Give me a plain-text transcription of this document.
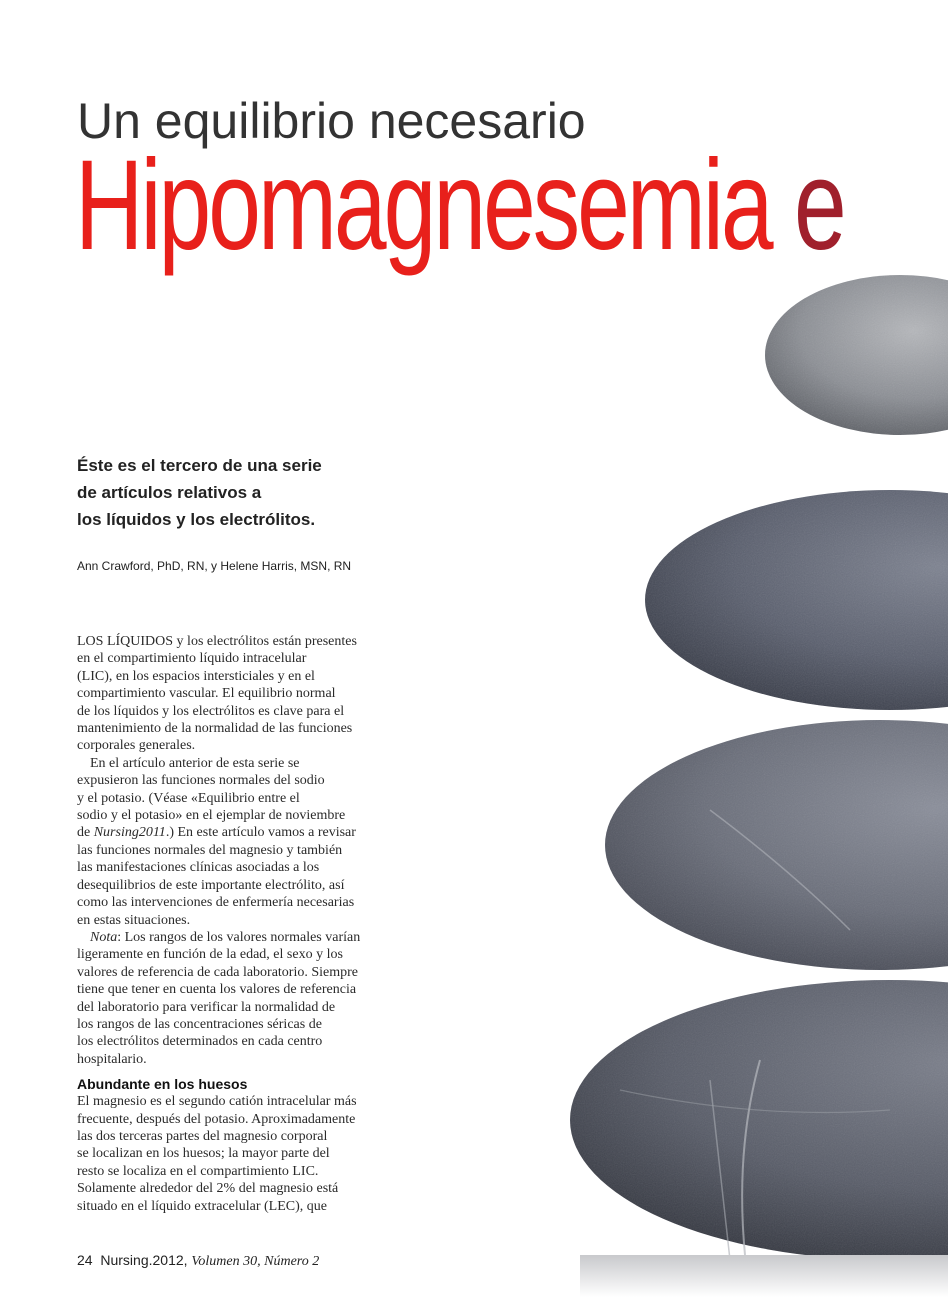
Un equilibrio necesario
Hipomagnesemia e
Éste es el tercero de una serie
de artículos relativos a
los líquidos y los electrólitos.
Ann Crawford, PhD, RN, y Helene Harris, MSN, RN

LOS LÍQUIDOS y los electrólitos están presentes
en el compartimiento líquido intracelular
(LIC), en los espacios intersticiales y en el
compartimiento vascular. El equilibrio normal
de los líquidos y los electrólitos es clave para el
mantenimiento de la normalidad de las funciones
corporales generales.

En el artículo anterior de esta serie se
expusieron las funciones normales del sodio
y el potasio. (Véase «Equilibrio entre el
sodio y el potasio» en el ejemplar de noviembre
de Nursing2011.) En este artículo vamos a revisar
las funciones normales del magnesio y también
las manifestaciones clínicas asociadas a los
desequilibrios de este importante electrólito, así
como las intervenciones de enfermería necesarias
en estas situaciones.

Nota: Los rangos de los valores normales varían
ligeramente en función de la edad, el sexo y los
valores de referencia de cada laboratorio. Siempre
tiene que tener en cuenta los valores de referencia
del laboratorio para verificar la normalidad de
los rangos de las concentraciones séricas de
los electrólitos determinados en cada centro
hospitalario.

Abundante en los huesos

El magnesio es el segundo catión intracelular más
frecuente, después del potasio. Aproximadamente
las dos terceras partes del magnesio corporal
se localizan en los huesos; la mayor parte del
resto se localiza en el compartimiento LIC.
Solamente alrededor del 2% del magnesio está
situado en el líquido extracelular (LEC), que

24 Nursing.2012, Volumen 30, Número 2
